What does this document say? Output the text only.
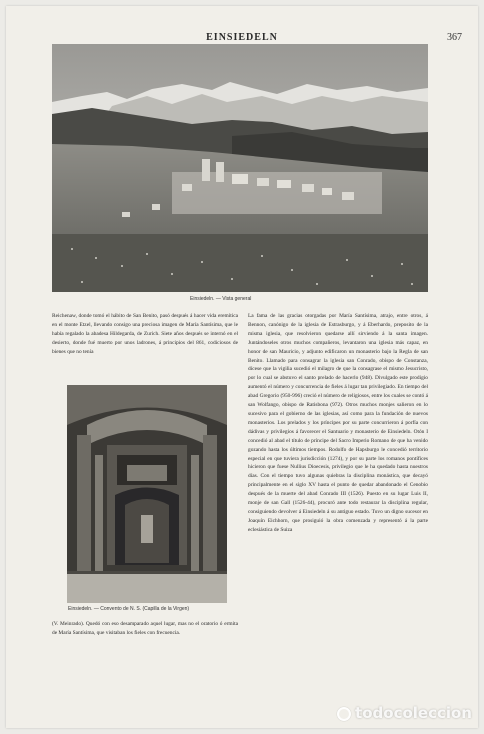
EINSIEDELN	367
Einsiedeln. — Vista general

Reichenaw, donde tomó el hábito de San Benito, pasó después á hacer vida eremítica en el monte Etzel, llevando consigo una preciosa imagen de María Santísima, que le había regalado la abadesa Hildegarda, de Zurich. Siete años después se internó en el desierto, donde fué muerto por unos ladrones, á principios del 861, codiciosos de bienes que no tenía

Einsiedeln. — Convento de N. S. (Capilla de la Virgen)

(V. Meinrado). Quedó con eso desamparado aquel lugar, mas no el oratorio ó ermita de María Santísima, que visitaban los fieles con frecuencia.

La fama de las gracias otorgadas por María Santísima, atrajo, entre otros, á Bennon, canónigo de la iglesia de Estrasburgo, y á Eberhardo, preposito de la misma iglesia, que resolvieron quedarse allí sirviendo á la santa imagen. Juntándoseles otros muchos compañeros, levantaron una iglesia más capaz, en honor de san Mauricio, y adjunto edificaron un monasterio bajo la Regla de san Benito. Llamado para consagrar la iglesia san Conrado, obispo de Constanza, dícese que la vigilia sucedió el milagro de que la consagrase el mismo Jesucristo, por lo cual se abstuvo el santo prelado de hacerlo (948). Divulgado este prodigio aumentó el número y concurrencia de fieles á lugar tan privilegiado. En tiempo del abad Gregorio (950-996) creció el número de religiosos, entre los cuales se contó á san Wolfango, obispo de Ratisbona (972). Otros muchos monjes salieron en lo sucesivo para el gobierno de las iglesias, así como para la fundación de nuevos monasterios. Los prelados y los príncipes por su parte concurrieron á porfía con dádivas y privilegios á favorecer el Santuario y monasterio de Einsiedeln. Otón I concedió al abad el título de príncipe del Sacro Imperio Romano de que ha venido gozando hasta los últimos tiempos. Rodolfo de Hapsburgo le concedió territorio especial en que tuviera jurisdicción (1274), y por su parte los romanos pontífices hicieron que fuese Nullius Dioecesis, privilegio que le ha quedado hasta nuestros días. Con el tiempo tuvo algunas quiebras la disciplina monástica, que decayó principalmente en el siglo XV hasta el punto de quedar abandonado el Cenobio después de la muerte del abad Conrado III (1526). Puesto en su lugar Luis II, monje de san Gall (1526-44), procuró ante todo restaurar la disciplina regular, consiguiendo devolver á Einsiedeln á su antiguo estado. Tuvo un digno sucesor en Joaquín Eichhorn, que prosiguió la obra comenzada y representó á la parte eclesiástica de Suiza

todocoleccion
